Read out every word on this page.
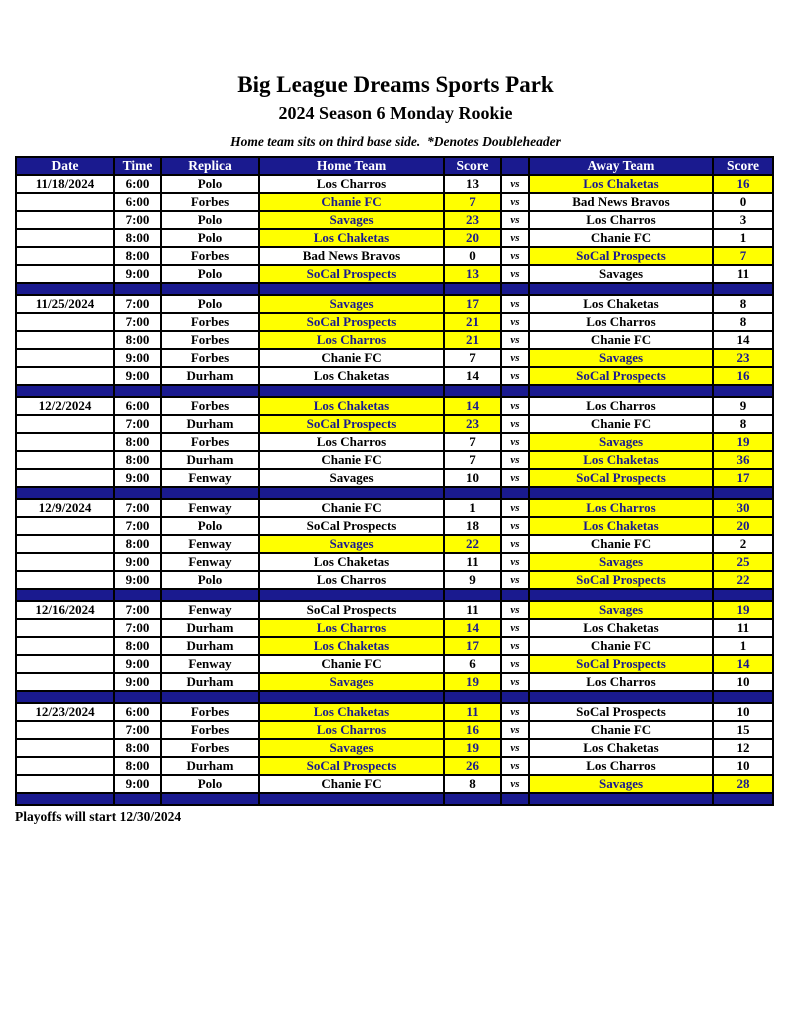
Big League Dreams Sports Park
2024 Season 6 Monday Rookie
Home team sits on third base side.  *Denotes Doubleheader
Date	Time	Replica	Home Team	Score		Away Team	Score
11/18/2024	6:00	Polo	Los Charros	13	vs	Los Chaketas	16
	6:00	Forbes	Chanie FC	7	vs	Bad News Bravos	0
	7:00	Polo	Savages	23	vs	Los Charros	3
	8:00	Polo	Los Chaketas	20	vs	Chanie FC	1
	8:00	Forbes	Bad News Bravos	0	vs	SoCal Prospects	7
	9:00	Polo	SoCal Prospects	13	vs	Savages	11

11/25/2024	7:00	Polo	Savages	17	vs	Los Chaketas	8
	7:00	Forbes	SoCal Prospects	21	vs	Los Charros	8
	8:00	Forbes	Los Charros	21	vs	Chanie FC	14
	9:00	Forbes	Chanie FC	7	vs	Savages	23
	9:00	Durham	Los Chaketas	14	vs	SoCal Prospects	16

12/2/2024	6:00	Forbes	Los Chaketas	14	vs	Los Charros	9
	7:00	Durham	SoCal Prospects	23	vs	Chanie FC	8
	8:00	Forbes	Los Charros	7	vs	Savages	19
	8:00	Durham	Chanie FC	7	vs	Los Chaketas	36
	9:00	Fenway	Savages	10	vs	SoCal Prospects	17

12/9/2024	7:00	Fenway	Chanie FC	1	vs	Los Charros	30
	7:00	Polo	SoCal Prospects	18	vs	Los Chaketas	20
	8:00	Fenway	Savages	22	vs	Chanie FC	2
	9:00	Fenway	Los Chaketas	11	vs	Savages	25
	9:00	Polo	Los Charros	9	vs	SoCal Prospects	22

12/16/2024	7:00	Fenway	SoCal Prospects	11	vs	Savages	19
	7:00	Durham	Los Charros	14	vs	Los Chaketas	11
	8:00	Durham	Los Chaketas	17	vs	Chanie FC	1
	9:00	Fenway	Chanie FC	6	vs	SoCal Prospects	14
	9:00	Durham	Savages	19	vs	Los Charros	10

12/23/2024	6:00	Forbes	Los Chaketas	11	vs	SoCal Prospects	10
	7:00	Forbes	Los Charros	16	vs	Chanie FC	15
	8:00	Forbes	Savages	19	vs	Los Chaketas	12
	8:00	Durham	SoCal Prospects	26	vs	Los Charros	10
	9:00	Polo	Chanie FC	8	vs	Savages	28

Playoffs will start 12/30/2024
